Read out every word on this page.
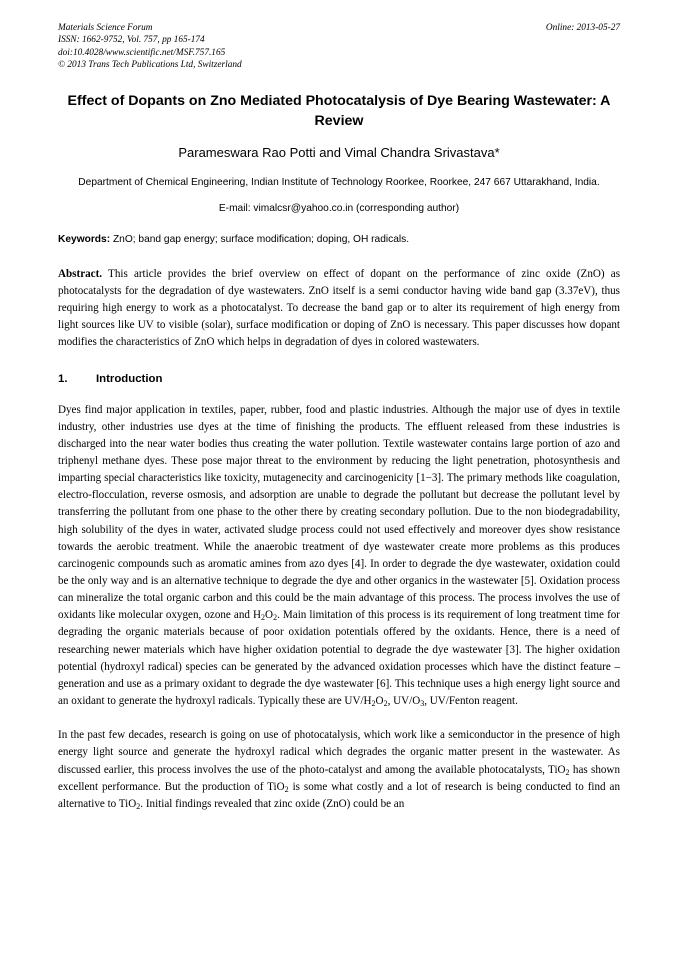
Materials Science Forum
ISSN: 1662-9752, Vol. 757, pp 165-174
doi:10.4028/www.scientific.net/MSF.757.165
© 2013 Trans Tech Publications Ltd, Switzerland
Online: 2013-05-27
Effect of Dopants on Zno Mediated Photocatalysis of Dye Bearing Wastewater: A Review
Parameswara Rao Potti and Vimal Chandra Srivastava*
Department of Chemical Engineering, Indian Institute of Technology Roorkee, Roorkee, 247 667 Uttarakhand, India.
E-mail: vimalcsr@yahoo.co.in (corresponding author)
Keywords: ZnO; band gap energy; surface modification; doping, OH radicals.
Abstract. This article provides the brief overview on effect of dopant on the performance of zinc oxide (ZnO) as photocatalysts for the degradation of dye wastewaters. ZnO itself is a semi conductor having wide band gap (3.37eV), thus requiring high energy to work as a photocatalyst. To decrease the band gap or to alter its requirement of high energy from light sources like UV to visible (solar), surface modification or doping of ZnO is necessary. This paper discusses how dopant modifies the characteristics of ZnO which helps in degradation of dyes in colored wastewaters.
1.	Introduction
Dyes find major application in textiles, paper, rubber, food and plastic industries. Although the major use of dyes in textile industry, other industries use dyes at the time of finishing the products. The effluent released from these industries is discharged into the near water bodies thus creating the water pollution. Textile wastewater contains large portion of azo and triphenyl methane dyes. These pose major threat to the environment by reducing the light penetration, photosynthesis and imparting special characteristics like toxicity, mutagenecity and carcinogenicity [1−3]. The primary methods like coagulation, electro-flocculation, reverse osmosis, and adsorption are unable to degrade the pollutant but decrease the pollutant level by transferring the pollutant from one phase to the other there by creating secondary pollution. Due to the non biodegradability, high solubility of the dyes in water, activated sludge process could not used effectively and moreover dyes show resistance towards the aerobic treatment. While the anaerobic treatment of dye wastewater create more problems as this produces carcinogenic compounds such as aromatic amines from azo dyes [4]. In order to degrade the dye wastewater, oxidation could be the only way and is an alternative technique to degrade the dye and other organics in the wastewater [5]. Oxidation process can mineralize the total organic carbon and this could be the main advantage of this process. The process involves the use of oxidants like molecular oxygen, ozone and $H_2O_2$. Main limitation of this process is its requirement of long treatment time for degrading the organic materials because of poor oxidation potentials offered by the oxidants. Hence, there is a need of researching newer materials which have higher oxidation potential to degrade the dye wastewater [3]. The higher oxidation potential (hydroxyl radical) species can be generated by the advanced oxidation processes which have the distinct feature – generation and use as a primary oxidant to degrade the dye wastewater [6]. This technique uses a high energy light source and an oxidant to generate the hydroxyl radicals. Typically these are $UV/H_2O_2$, $UV/O_3$, UV/Fenton reagent.
In the past few decades, research is going on use of photocatalysis, which work like a semiconductor in the presence of high energy light source and generate the hydroxyl radical which degrades the organic matter present in the wastewater. As discussed earlier, this process involves the use of the photo-catalyst and among the available photocatalysts, TiO$_2$ has shown excellent performance. But the production of TiO$_2$ is some what costly and a lot of research is being conducted to find an alternative to TiO$_2$. Initial findings revealed that zinc oxide (ZnO) could be an
